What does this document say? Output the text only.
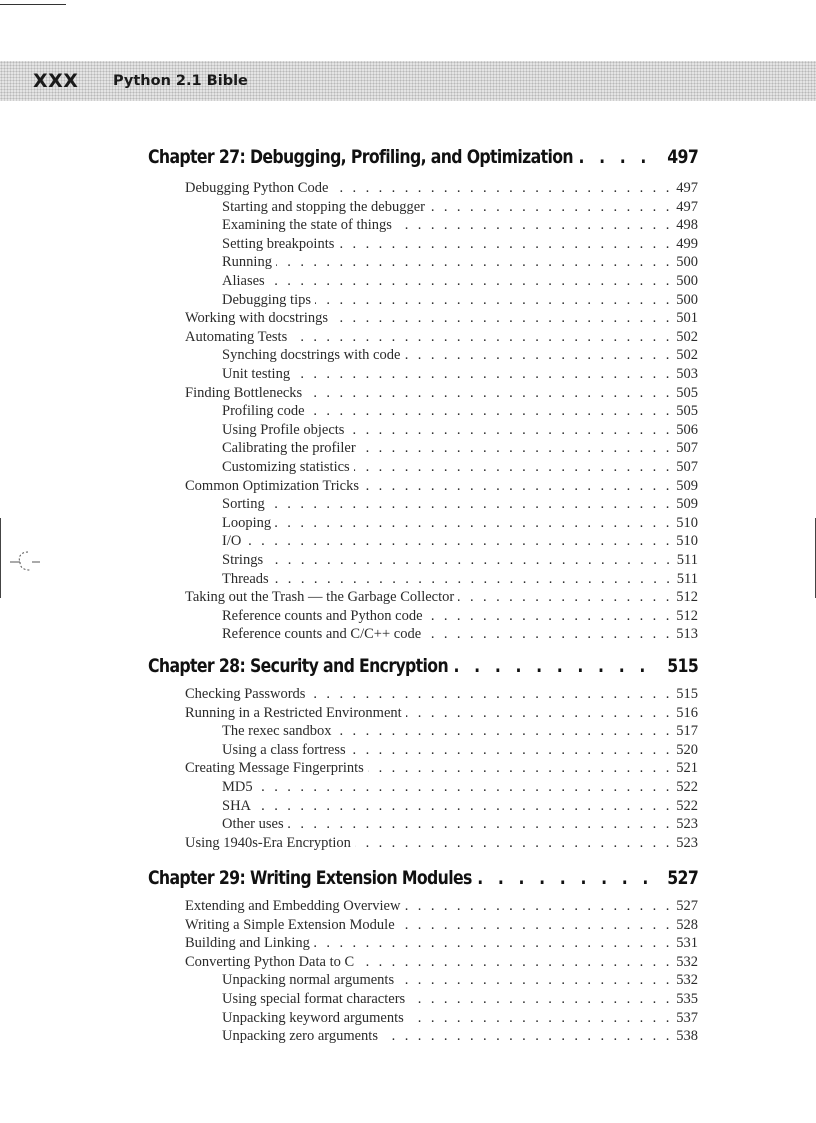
XXX Python 2.1 Bible
Chapter 27: Debugging, Profiling, and Optimization . . .	497
Debugging Python Code . . .	497
Starting and stopping the debugger . . .	497
Examining the state of things . . .	498
Setting breakpoints . . .	499
Running . . .	500
Aliases . . .	500
Debugging tips . . .	500
Working with docstrings . . .	501
Automating Tests . . .	502
Synching docstrings with code . . .	502
Unit testing . . .	503
Finding Bottlenecks . . .	505
Profiling code . . .	505
Using Profile objects . . .	506
Calibrating the profiler . . .	507
Customizing statistics . . .	507
Common Optimization Tricks . . .	509
Sorting . . .	509
Looping . . .	510
I/O . . .	510
Strings . . .	511
Threads . . .	511
Taking out the Trash — the Garbage Collector . . .	512
Reference counts and Python code . . .	512
Reference counts and C/C++ code . . .	513
Chapter 28: Security and Encryption . . .	515
Checking Passwords . . .	515
Running in a Restricted Environment . . .	516
The rexec sandbox . . .	517
Using a class fortress . . .	520
Creating Message Fingerprints . . .	521
MD5 . . .	522
SHA . . .	522
Other uses . . .	523
Using 1940s-Era Encryption . . .	523
Chapter 29: Writing Extension Modules . . .	527
Extending and Embedding Overview . . .	527
Writing a Simple Extension Module . . .	528
Building and Linking . . .	531
Converting Python Data to C . . .	532
Unpacking normal arguments . . .	532
Using special format characters . . .	535
Unpacking keyword arguments . . .	537
Unpacking zero arguments . . .	538
